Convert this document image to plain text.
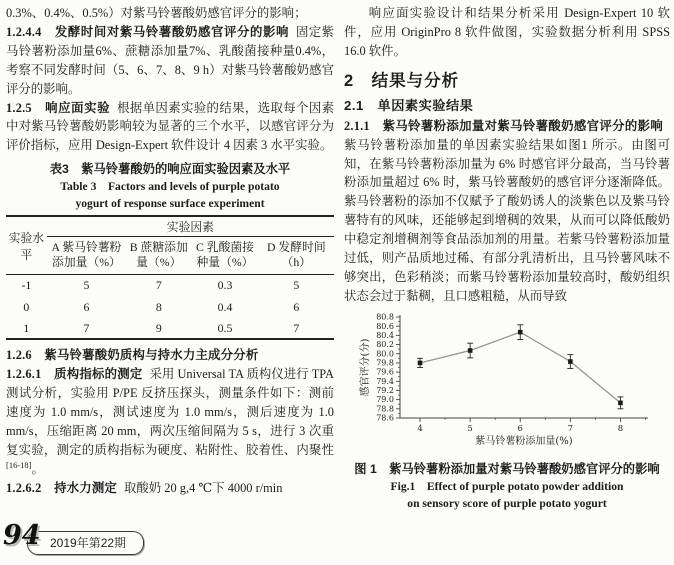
0.3%、0.4%、0.5%）对紫马铃薯酸奶感官评分的影响；

1.2.4.4　发酵时间对紫马铃薯酸奶感官评分的影响 固定紫马铃薯粉添加量6%、蔗糖添加量7%、乳酸菌接种量0.4%，考察不同发酵时间（5、6、7、8、9 h）对紫马铃薯酸奶感官评分的影响。

1.2.5　响应面实验 根据单因素实验的结果，选取每个因素中对紫马铃薯酸奶影响较为显著的三个水平，以感官评分为评价指标，应用 Design-Expert 软件设计 4 因素 3 水平实验。

表3　紫马铃薯酸奶的响应面实验因素及水平
Table 3　Factors and levels of purple potato
yogurt of response surface experiment
实验水平	实验因素			
	A 紫马铃薯粉添加量（%）	B 蔗糖添加量（%）	C 乳酸菌接种量（%）	D 发酵时间（h）
-1	5	7	0.3	5
0	6	8	0.4	6
1	7	9	0.5	7

1.2.6　紫马铃薯酸奶质构与持水力主成分分析

1.2.6.1　质构指标的测定 采用 Universal TA 质构仪进行 TPA 测试分析，实验用 P/PE 反挤压探头，测量条件如下：测前速度为 1.0 mm/s，测试速度为 1.0 mm/s，测后速度为 1.0 mm/s，压缩距离 20 mm，两次压缩间隔为 5 s，进行 3 次重复实验，测定的质构指标为硬度、粘附性、胶着性、内聚性[16-18]。

1.2.6.2　持水力测定 取酸奶 20 g,4 ℃下 4000 r/min

响应面实验设计和结果分析采用 Design-Expert 10 软件，应用 OriginPro 8 软件做图，实验数据分析利用 SPSS 16.0 软件。

2　结果与分析
2.1　单因素实验结果

2.1.1　紫马铃薯粉添加量对紫马铃薯酸奶感官评分的影响紫马铃薯粉添加量的单因素实验结果如图1 所示。由图可知，在紫马铃薯粉添加量为 6% 时感官评分最高，当马铃薯粉添加量超过 6% 时，紫马铃薯酸奶的感官评分逐渐降低。紫马铃薯粉的添加不仅赋予了酸奶诱人的淡紫色以及紫马铃薯特有的风味，还能够起到增稠的效果，从而可以降低酸奶中稳定剂增稠剂等食品添加剂的用量。若紫马铃薯粉添加量过低，则产品质地过稀、有部分乳清析出，且马铃薯风味不够突出，色彩稍淡；而紫马铃薯粉添加量较高时，酸奶组织状态会过于黏稠，且口感粗糙，从而导致

78.6
78.8
79.0
79.2
79.4
79.6
79.8
80.0
80.2
80.4
80.6
80.8
4	5	6	7	8
紫马铃薯粉添加量(%)
感官评分(分)
图 1　紫马铃薯粉添加量对紫马铃薯酸奶感官评分的影响
Fig.1　Effect of purple potato powder addition
on sensory score of purple potato yogurt
94 2019年第22期
